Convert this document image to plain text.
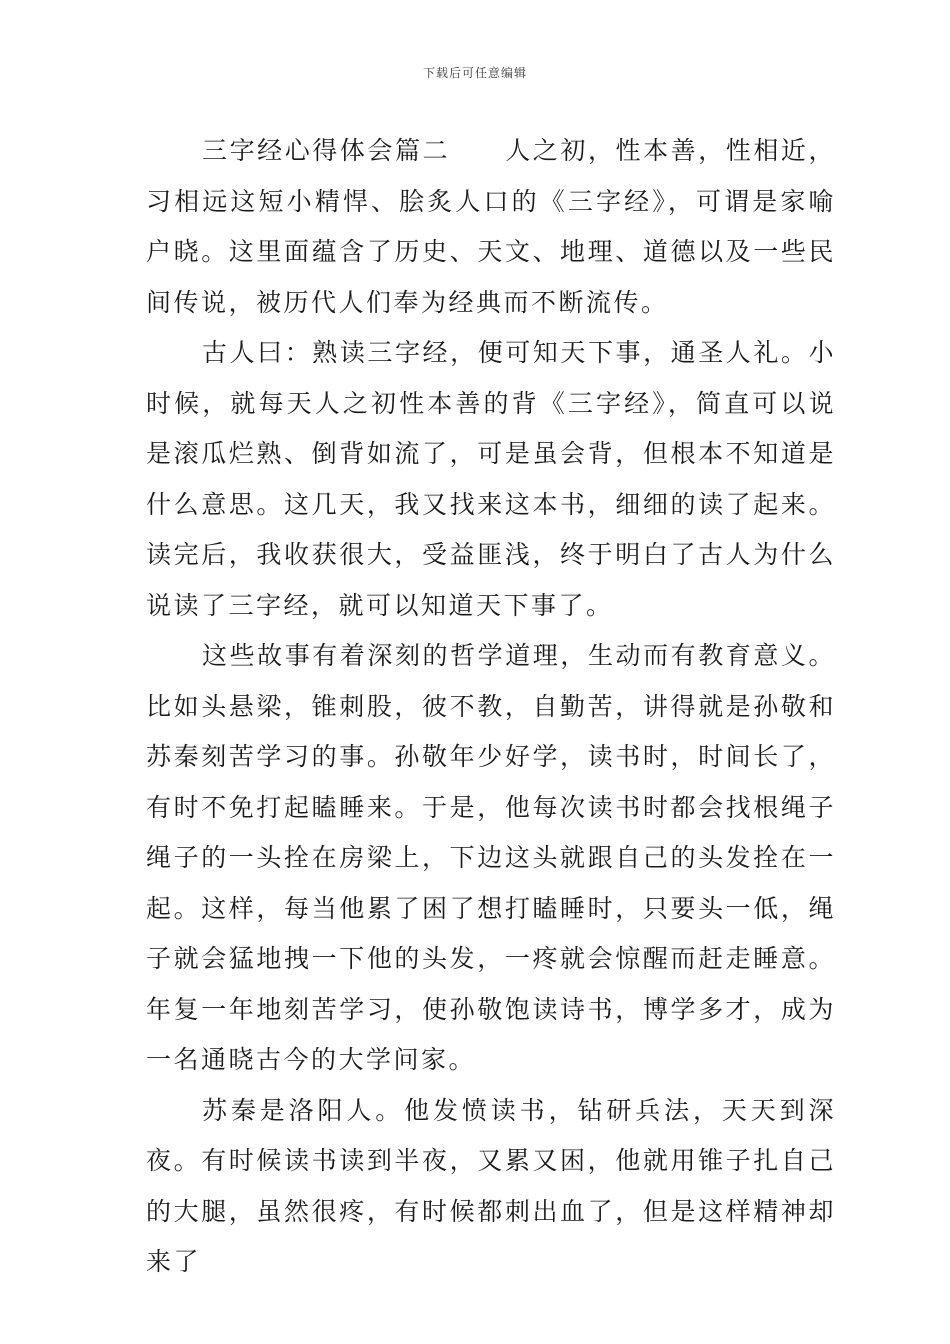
下载后可任意编辑

三字经心得体会篇二　　人之初，性本善，性相近，习相远这短小精悍、脍炙人口的《三字经》，可谓是家喻户晓。这里面蕴含了历史、天文、地理、道德以及一些民间传说，被历代人们奉为经典而不断流传。

古人曰：熟读三字经，便可知天下事，通圣人礼。小时候，就每天人之初性本善的背《三字经》，简直可以说是滚瓜烂熟、倒背如流了，可是虽会背，但根本不知道是什么意思。这几天，我又找来这本书，细细的读了起来。读完后，我收获很大，受益匪浅，终于明白了古人为什么说读了三字经，就可以知道天下事了。

这些故事有着深刻的哲学道理，生动而有教育意义。比如头悬梁，锥刺股，彼不教，自勤苦，讲得就是孙敬和苏秦刻苦学习的事。孙敬年少好学，读书时，时间长了，有时不免打起瞌睡来。于是，他每次读书时都会找根绳子绳子的一头拴在房梁上，下边这头就跟自己的头发拴在一起。这样，每当他累了困了想打瞌睡时，只要头一低，绳子就会猛地拽一下他的头发，一疼就会惊醒而赶走睡意。年复一年地刻苦学习，使孙敬饱读诗书，博学多才，成为一名通晓古今的大学问家。

苏秦是洛阳人。他发愤读书，钻研兵法，天天到深夜。有时候读书读到半夜，又累又困，他就用锥子扎自己的大腿，虽然很疼，有时候都刺出血了，但是这样精神却来了
